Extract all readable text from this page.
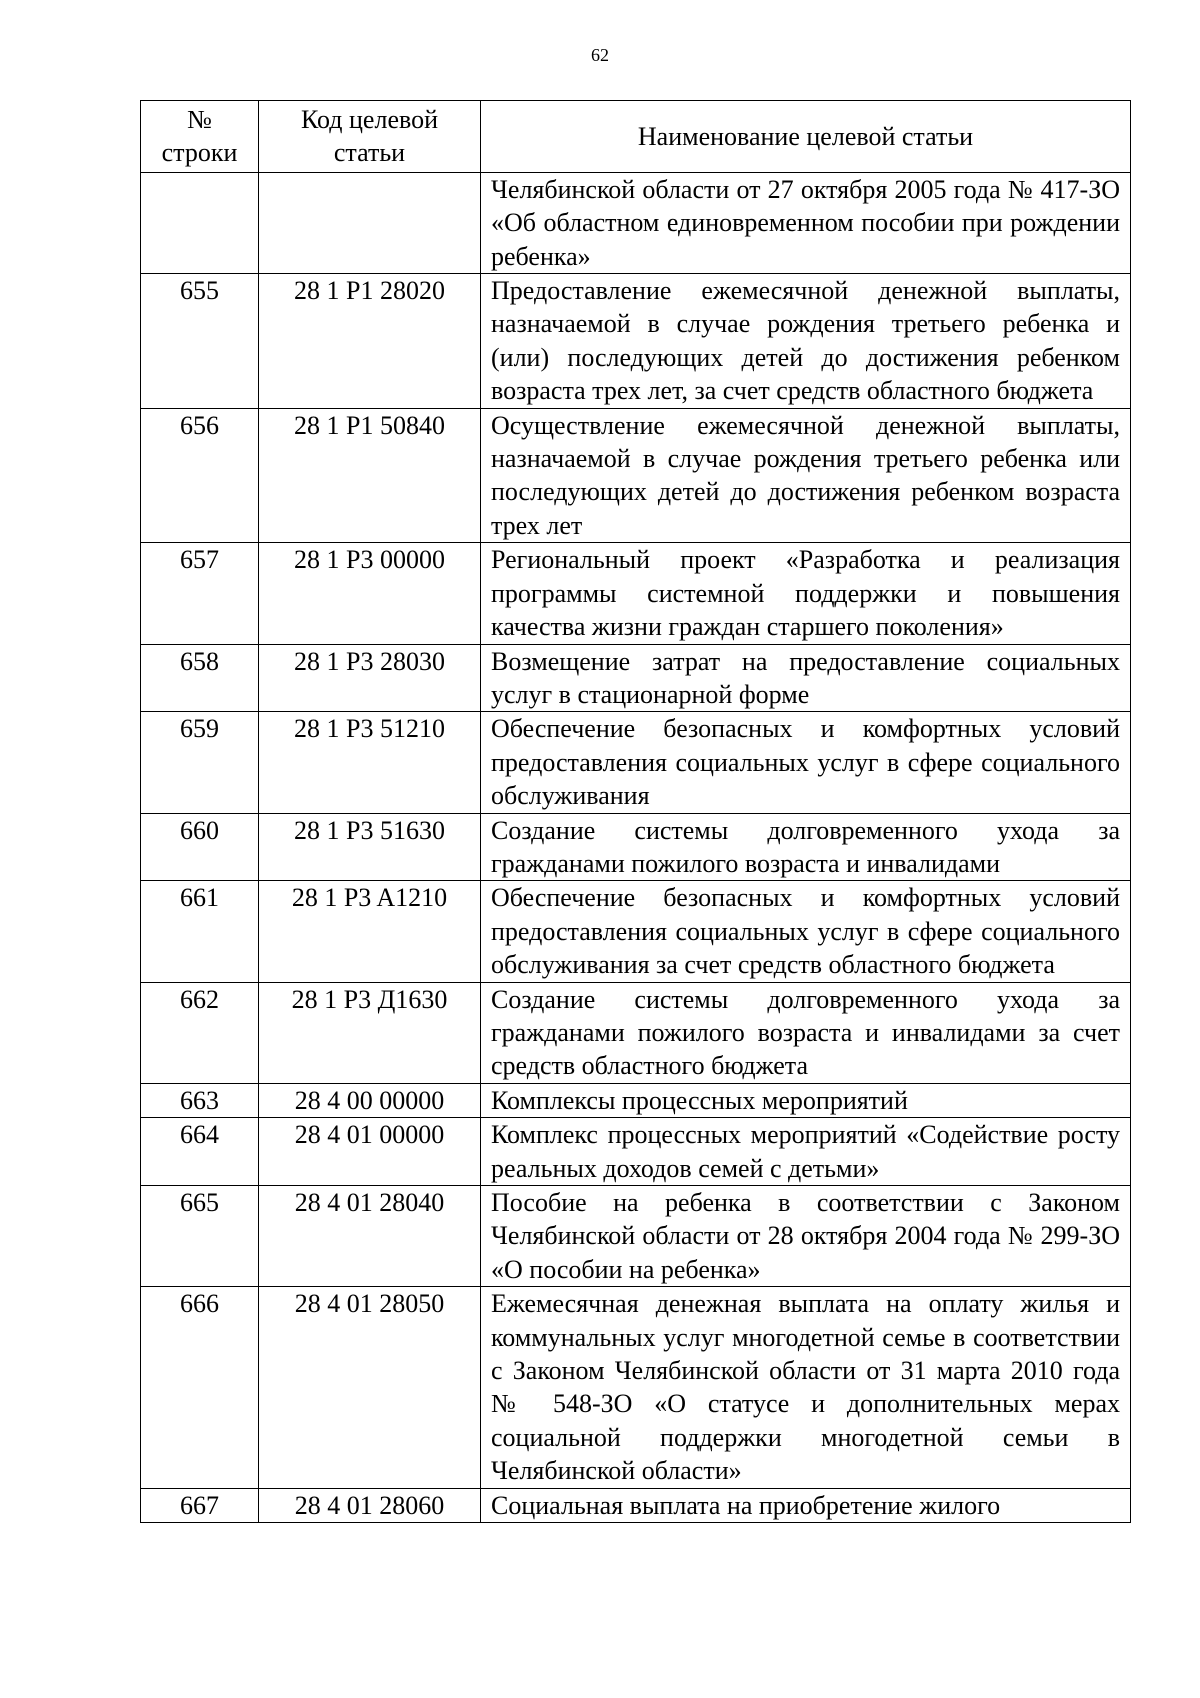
62
№ строки	Код целевой статьи	Наименование целевой статьи
		Челябинской области от 27 октября 2005 года № 417-ЗО «Об областном единовременном пособии при рождении ребенка»
655	28 1 P1 28020	Предоставление ежемесячной денежной выплаты, назначаемой в случае рождения третьего ребенка и (или) последующих детей до достижения ребенком возраста трех лет, за счет средств областного бюджета
656	28 1 P1 50840	Осуществление ежемесячной денежной выплаты, назначаемой в случае рождения третьего ребенка или последующих детей до достижения ребенком возраста трех лет
657	28 1 P3 00000	Региональный проект «Разработка и реализация программы системной поддержки и повышения качества жизни граждан старшего поколения»
658	28 1 P3 28030	Возмещение затрат на предоставление социальных услуг в стационарной форме
659	28 1 P3 51210	Обеспечение безопасных и комфортных условий предоставления социальных услуг в сфере социального обслуживания
660	28 1 P3 51630	Создание системы долговременного ухода за гражданами пожилого возраста и инвалидами
661	28 1 P3 A1210	Обеспечение безопасных и комфортных условий предоставления социальных услуг в сфере социального обслуживания за счет средств областного бюджета
662	28 1 P3 Д1630	Создание системы долговременного ухода за гражданами пожилого возраста и инвалидами за счет средств областного бюджета
663	28 4 00 00000	Комплексы процессных мероприятий
664	28 4 01 00000	Комплекс процессных мероприятий «Содействие росту реальных доходов семей с детьми»
665	28 4 01 28040	Пособие на ребенка в соответствии с Законом Челябинской области от 28 октября 2004 года № 299-ЗО «О пособии на ребенка»
666	28 4 01 28050	Ежемесячная денежная выплата на оплату жилья и коммунальных услуг многодетной семье в соответствии с Законом Челябинской области от 31 марта 2010 года № 548-ЗО «О статусе и дополнительных мерах социальной поддержки многодетной семьи в Челябинской области»
667	28 4 01 28060	Социальная выплата на приобретение жилого
